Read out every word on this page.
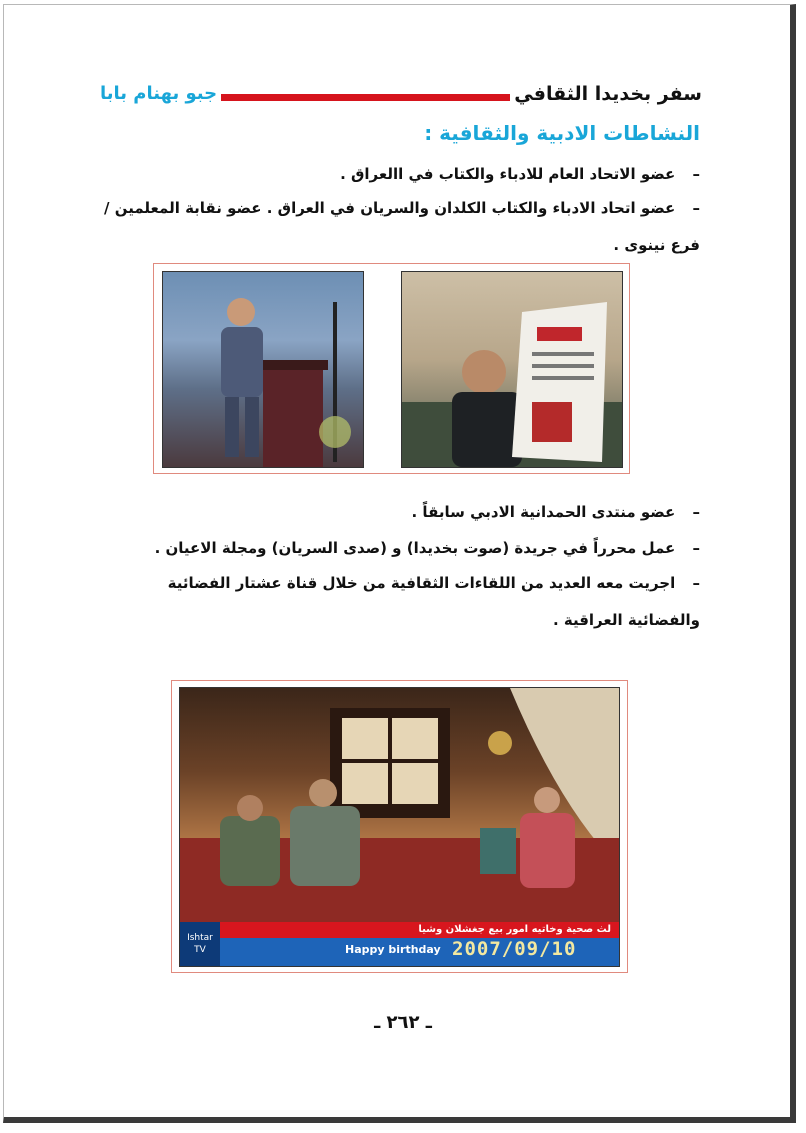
سفر بخديدا الثقافي
جبو بهنام بابا
النشاطات الادبية والثقافية :
– عضو الاتحاد العام للادباء والكتاب في االعراق .
– عضو اتحاد الادباء والكتاب الكلدان والسريان في العراق . عضو نقابة المعلمين / فرع نينوى .
– عضو منتدى الحمدانية الادبي سابقاً .
– عمل محرراً في جريدة (صوت بخديدا) و (صدى السريان) ومجلة الاعيان .
– اجريت معه العديد من اللقاءات الثقافية من خلال قناة عشتار الفضائية والفضائية العراقية .
لث صحية وخاتيه امور بيع جغشلان وشيا
Ishtar TV	Happy birthday 2007/09/10
ـ ٢٦٢ ـ
